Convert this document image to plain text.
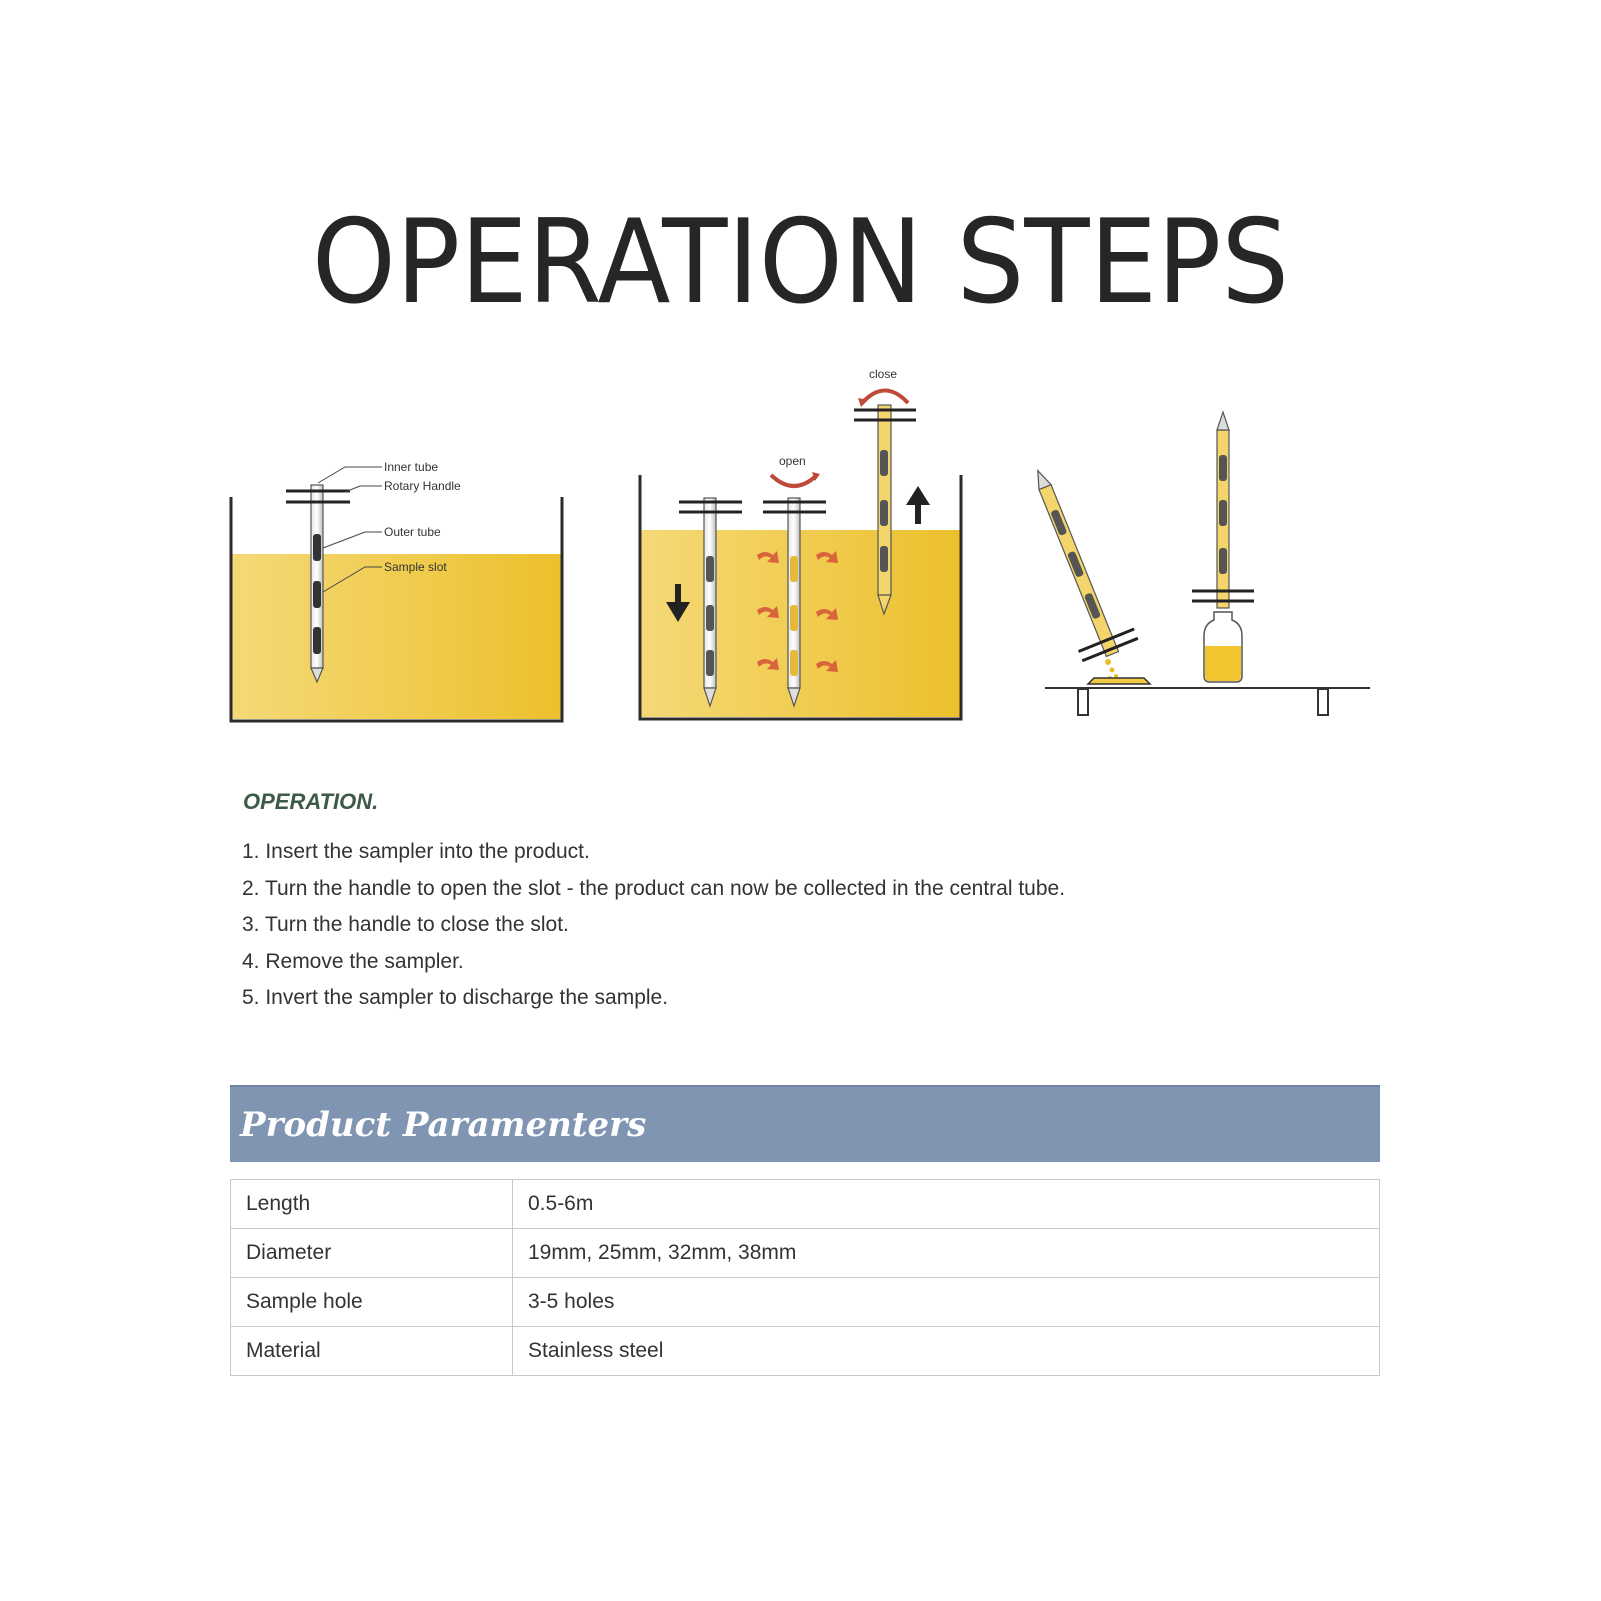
OPERATION STEPS
Inner tube
Rotary Handle
Outer tube
Sample slot
open
close
OPERATION.
1. Insert the sampler into the product.
2. Turn the handle to open the slot - the product can now be collected in the central tube.
3. Turn the handle to close the slot.
4. Remove the sampler.
5. Invert the sampler to discharge the sample.
Product Paramenters
Length	0.5-6m
Diameter	19mm, 25mm, 32mm, 38mm
Sample hole	3-5 holes
Material	Stainless steel
